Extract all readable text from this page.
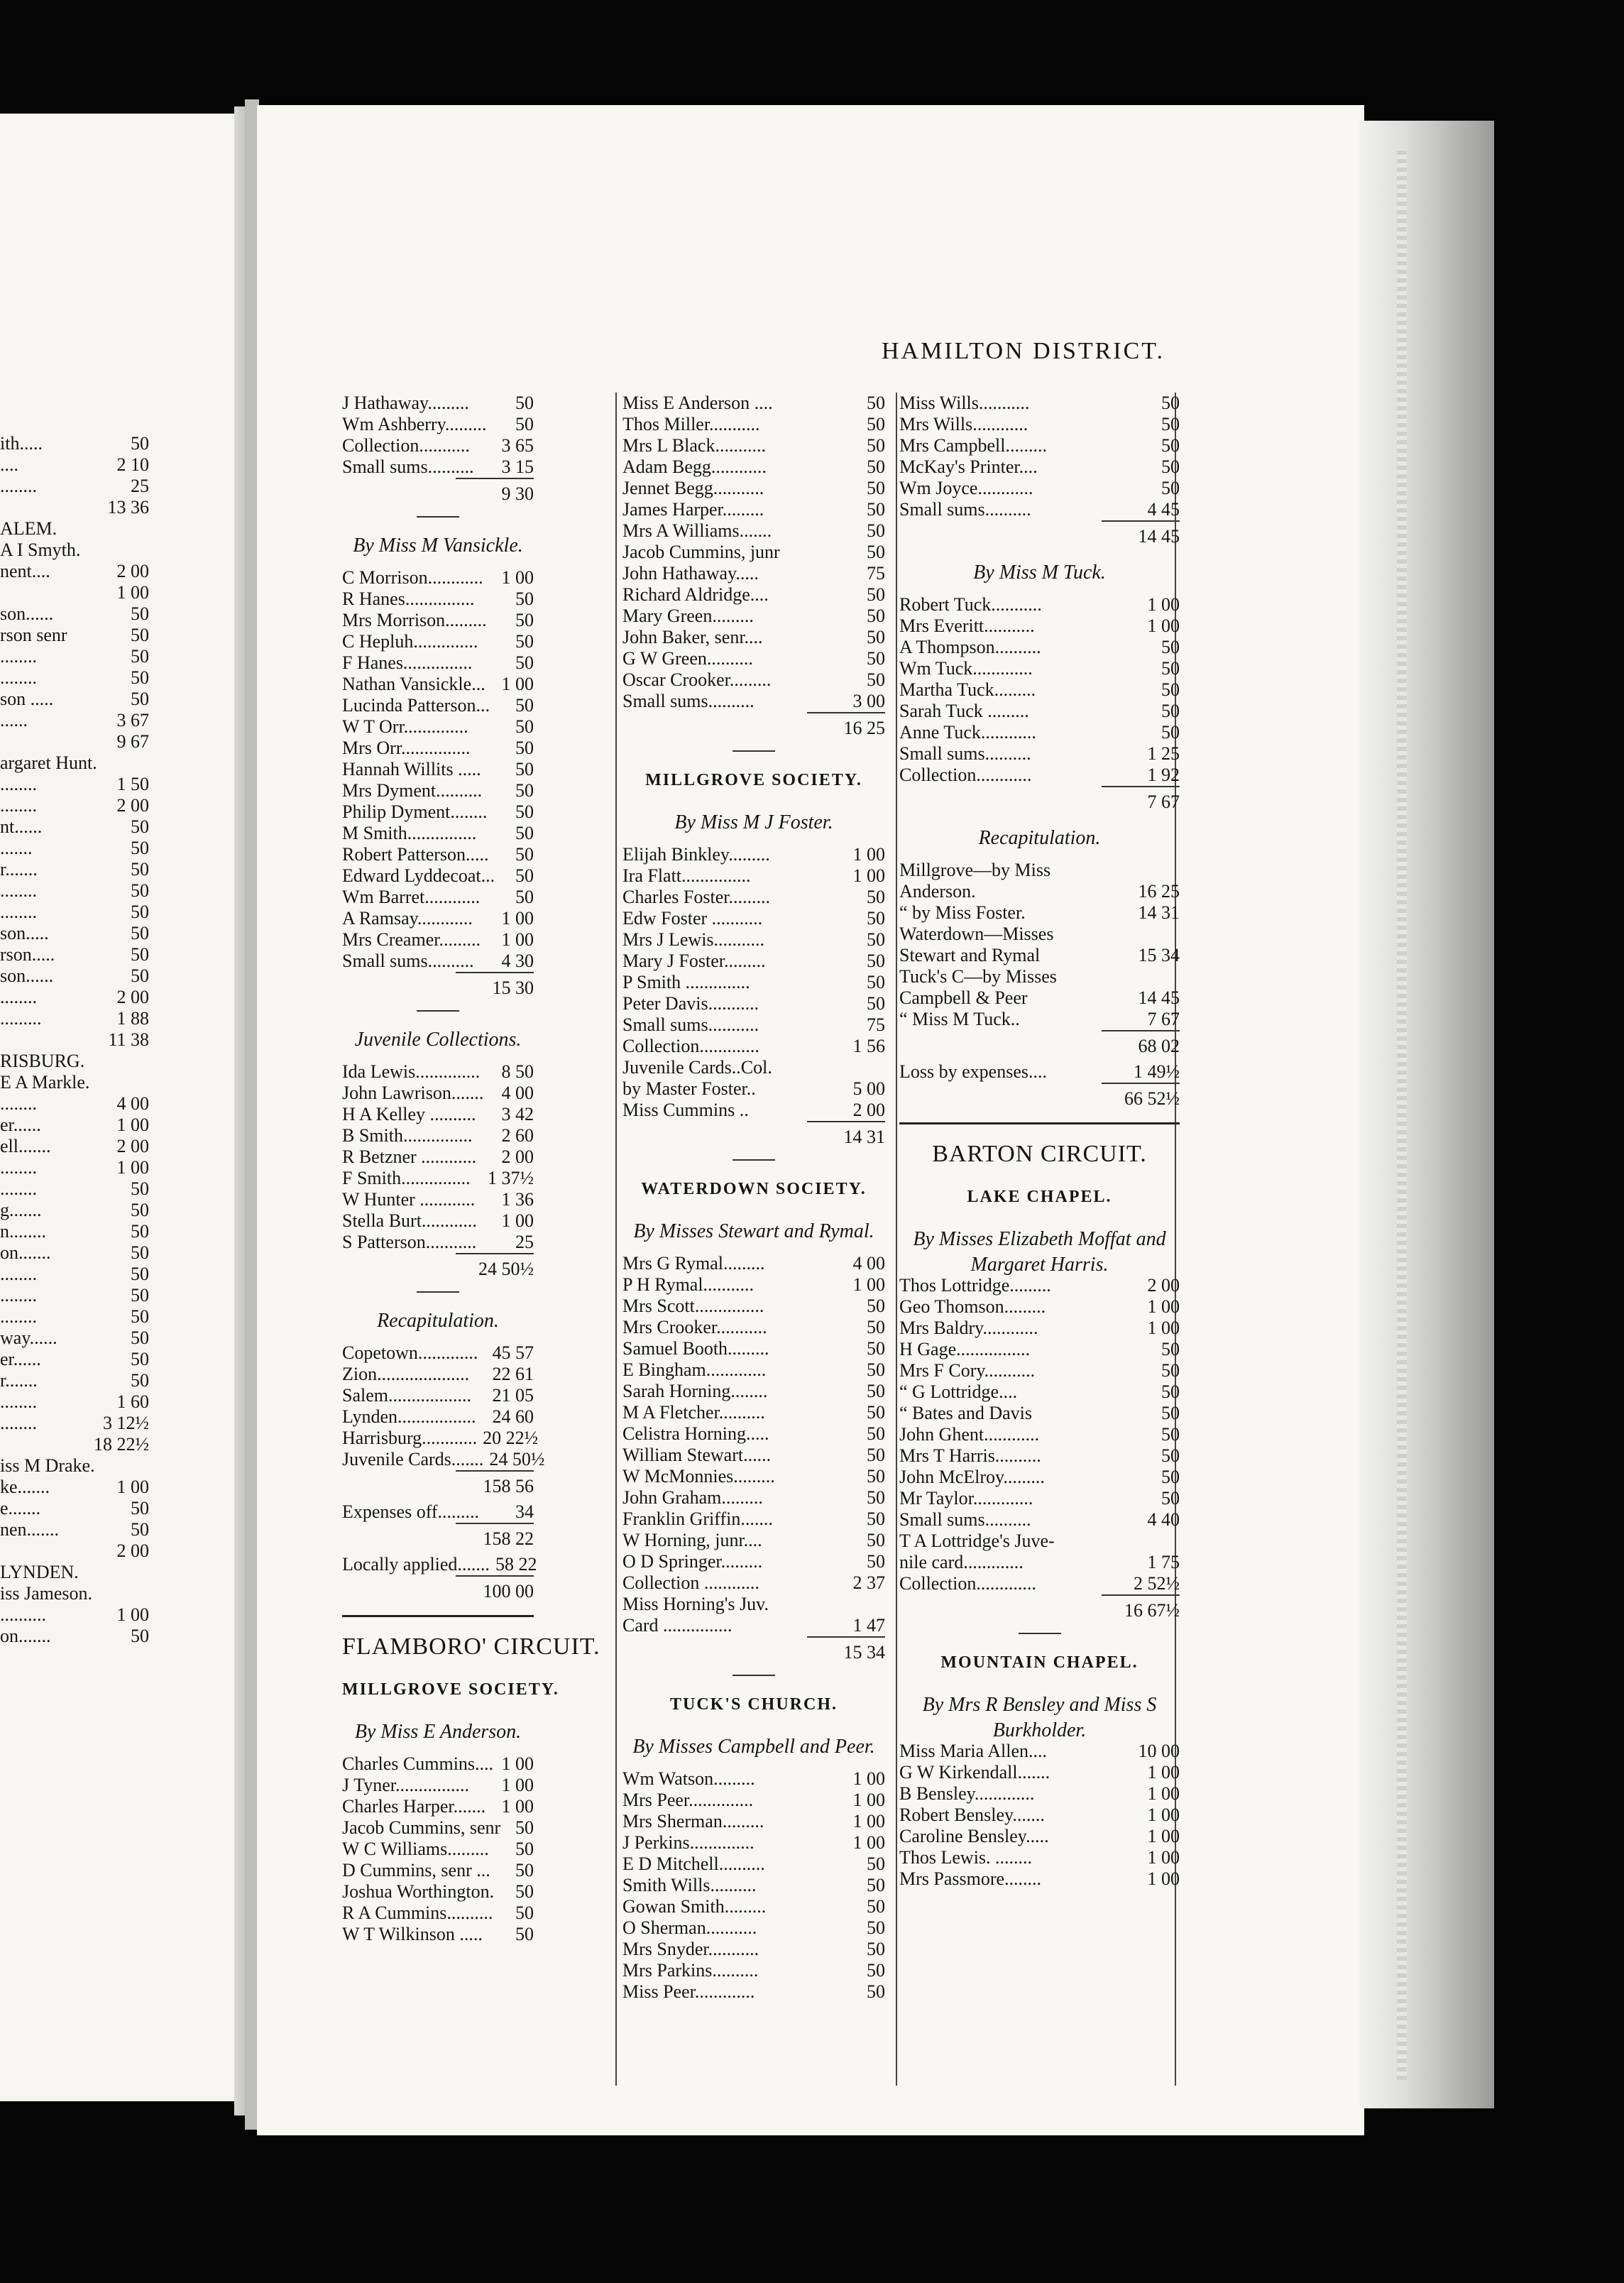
ith.....	50
....	2 10
........	25
13 36
ALEM.
A I Smyth.
nent....	2 00
1 00
son......	50
rson senr	50
........	50
........	50
son .....	50
......	3 67
9 67
argaret Hunt.
........	1 50
........	2 00
nt......	50
.......	50
r.......	50
........	50
........	50
son.....	50
rson.....	50
son......	50
........	2 00
.........	1 88
11 38
RISBURG.
E A Markle.
........	4 00
er......	1 00
ell.......	2 00
........	1 00
........	50
g.......	50
n........	50
on.......	50
........	50
........	50
........	50
way......	50
er......	50
r.......	50
........	1 60
........	3 12½
18 22½
iss M Drake.
ke.......	1 00
e.......	50
nen.......	50
2 00
LYNDEN.
iss Jameson.
..........	1 00
on.......	50
HAMILTON DISTRICT.
J Hathaway.........	50
Wm Ashberry.........	50
Collection...........	3 65
Small sums..........	3 15
9 30
By Miss M Vansickle.
C Morrison............ 1 00
R Hanes...............	50
Mrs Morrison.........	50
C Hepluh..............	50
F Hanes...............	50
Nathan Vansickle... 1 00
Lucinda Patterson...	50
W T Orr..............	50
Mrs Orr...............	50
Hannah Willits .....	50
Mrs Dyment..........	50
Philip Dyment........	50
M Smith...............	50
Robert Patterson.....	50
Edward Lyddecoat...	50
Wm Barret............	50
A Ramsay............	1 00
Mrs Creamer.........	1 00
Small sums..........	4 30
15 30
Juvenile Collections.
Ida Lewis..............	8 50
John Lawrison....... 4 00
H A Kelley ..........	3 42
B Smith...............	2 60
R Betzner ............	2 00
F Smith............... 1 37½
W Hunter ............	1 36
Stella Burt............	1 00
S Patterson...........	25
24 50½
Recapitulation.
Copetown............. 45 57
Zion....................	22 61
Salem..................	21 05
Lynden................. 24 60
Harrisburg............ 20 22½
Juvenile Cards....... 24 50½
158 56
Expenses off.........	34
158 22
Locally applied....... 58 22
100 00
FLAMBORO' CIRCUIT.
MILLGROVE SOCIETY.
By Miss E Anderson.
Charles Cummins.... 1 00
J Tyner................	1 00
Charles Harper....... 1 00
Jacob Cummins, senr 50
W C Williams.........	50
D Cummins, senr ...	50
Joshua Worthington.	50
R A Cummins..........	50
W T Wilkinson .....	50
Miss E Anderson ....	50
Thos Miller...........	50
Mrs L Black...........	50
Adam Begg............	50
Jennet Begg...........	50
James Harper.........	50
Mrs A Williams.......	50
Jacob Cummins, junr	50
John Hathaway.....	75
Richard Aldridge....	50
Mary Green.........	50
John Baker, senr....	50
G W Green..........	50
Oscar Crooker.........	50
Small sums..........	3 00
16 25
MILLGROVE SOCIETY.
By Miss M J Foster.
Elijah Binkley.........	1 00
Ira Flatt...............	1 00
Charles Foster.........	50
Edw Foster ...........	50
Mrs J Lewis...........	50
Mary J Foster.........	50
P Smith ..............	50
Peter Davis...........	50
Small sums...........	75
Collection.............	1 56
Juvenile Cards..Col.
by Master Foster..	5 00
Miss Cummins ..	2 00
14 31
WATERDOWN SOCIETY.
By Misses Stewart and Rymal.
Mrs G Rymal.........	4 00
P H Rymal...........	1 00
Mrs Scott...............	50
Mrs Crooker...........	50
Samuel Booth.........	50
E Bingham.............	50
Sarah Horning........	50
M A Fletcher..........	50
Celistra Horning.....	50
William Stewart......	50
W McMonnies.........	50
John Graham.........	50
Franklin Griffin.......	50
W Horning, junr....	50
O D Springer.........	50
Collection ............	2 37
Miss Horning's Juv.
Card ...............	1 47
15 34
TUCK'S CHURCH.
By Misses Campbell and Peer.
Wm Watson.........	1 00
Mrs Peer..............	1 00
Mrs Sherman.........	1 00
J Perkins..............	1 00
E D Mitchell..........	50
Smith Wills..........	50
Gowan Smith.........	50
O Sherman...........	50
Mrs Snyder...........	50
Mrs Parkins..........	50
Miss Peer.............	50
Miss Wills...........	50
Mrs Wills............	50
Mrs Campbell.........	50
McKay's Printer....	50
Wm Joyce............	50
Small sums..........	4 45
14 45
By Miss M Tuck.
Robert Tuck...........	1 00
Mrs Everitt...........	1 00
A Thompson..........	50
Wm Tuck.............	50
Martha Tuck.........	50
Sarah Tuck .........	50
Anne Tuck............	50
Small sums..........	1 25
Collection............	1 92
7 67
Recapitulation.
Millgrove—by Miss
Anderson.	16 25
“ by Miss Foster.	14 31
Waterdown—Misses
Stewart and Rymal	15 34
Tuck's C—by Misses
Campbell & Peer	14 45
“ Miss M Tuck..	7 67
68 02
Loss by expenses....	1 49½
66 52½
BARTON CIRCUIT.
LAKE CHAPEL.
By Misses Elizabeth Moffat and
Margaret Harris.
Thos Lottridge.........	2 00
Geo Thomson.........	1 00
Mrs Baldry............	1 00
H Gage................	50
Mrs F Cory...........	50
“ G Lottridge....	50
“ Bates and Davis	50
John Ghent............	50
Mrs T Harris..........	50
John McElroy.........	50
Mr Taylor.............	50
Small sums..........	4 40
T A Lottridge's Juve-
nile card.............	1 75
Collection.............	2 52½
16 67½
MOUNTAIN CHAPEL.
By Mrs R Bensley and Miss S
Burkholder.
Miss Maria Allen....	10 00
G W Kirkendall.......	1 00
B Bensley.............	1 00
Robert Bensley.......	1 00
Caroline Bensley.....	1 00
Thos Lewis. ........	1 00
Mrs Passmore........	1 00
